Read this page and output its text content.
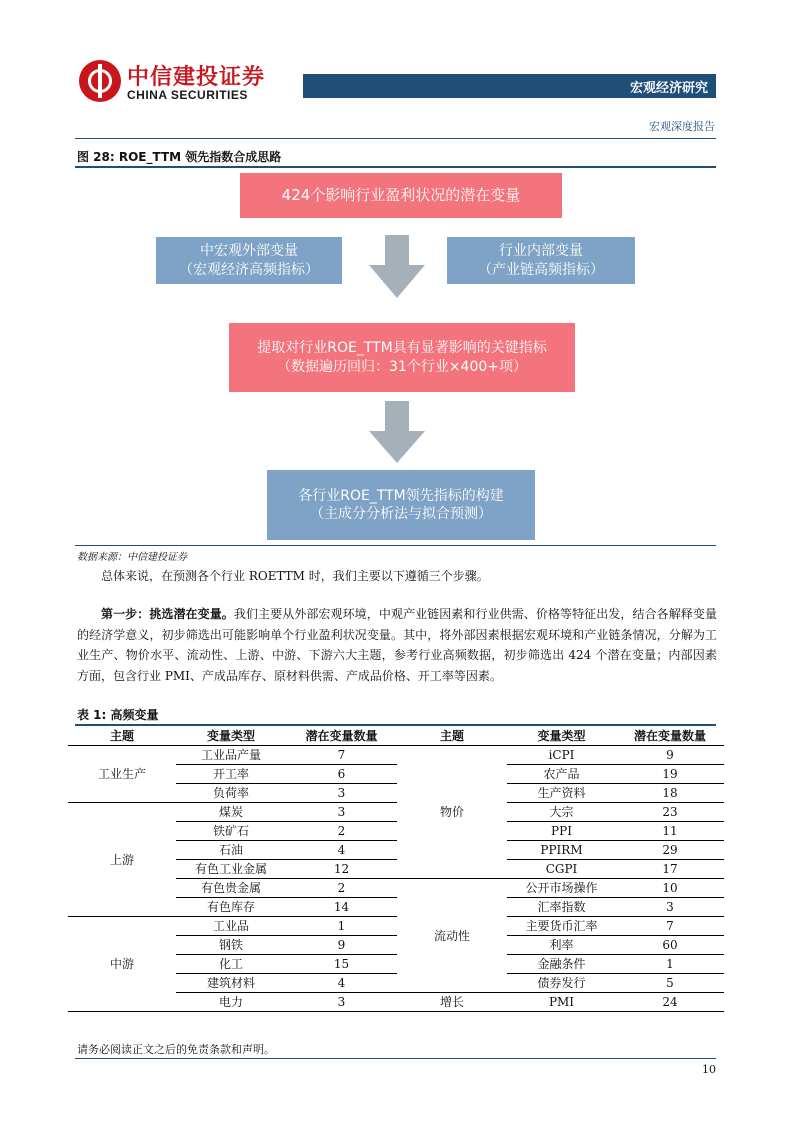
中信建投证券
CHINA SECURITIES	宏观经济研究
宏观深度报告
图 28: ROE_TTM 领先指数合成思路
424个影响行业盈利状况的潜在变量
中宏观外部变量
（宏观经济高频指标）
行业内部变量
（产业链高频指标）
提取对行业ROE_TTM具有显著影响的关键指标
（数据遍历回归：31个行业×400+项）
各行业ROE_TTM领先指标的构建
（主成分分析法与拟合预测）
数据来源：中信建投证券
总体来说，在预测各个行业 ROETTM 时，我们主要以下遵循三个步骤。
第一步：挑选潜在变量。我们主要从外部宏观环境，中观产业链因素和行业供需、价格等特征出发，结合各解释变量的经济学意义，初步筛选出可能影响单个行业盈利状况变量。其中，将外部因素根据宏观环境和产业链条情况，分解为工业生产、物价水平、流动性、上游、中游、下游六大主题，参考行业高频数据，初步筛选出 424 个潜在变量；内部因素方面，包含行业 PMI、产成品库存、原材料供需、产成品价格、开工率等因素。
表 1: 高频变量
主题	变量类型	潜在变量数量	主题	变量类型	潜在变量数量
工业生产	工业品产量	7	物价	iCPI	9
	开工率	6		农产品	19
	负荷率	3		生产资料	18
上游	煤炭	3		大宗	23
	铁矿石	2		PPI	11
	石油	4		PPIRM	29
	有色工业金属	12		CGPI	17
	有色贵金属	2	流动性	公开市场操作	10
	有色库存	14		汇率指数	3
中游	工业品	1		主要货币汇率	7
	钢铁	9		利率	60
	化工	15		金融条件	1
	建筑材料	4		债券发行	5
	电力	3	增长	PMI	24
请务必阅读正文之后的免责条款和声明。
10
